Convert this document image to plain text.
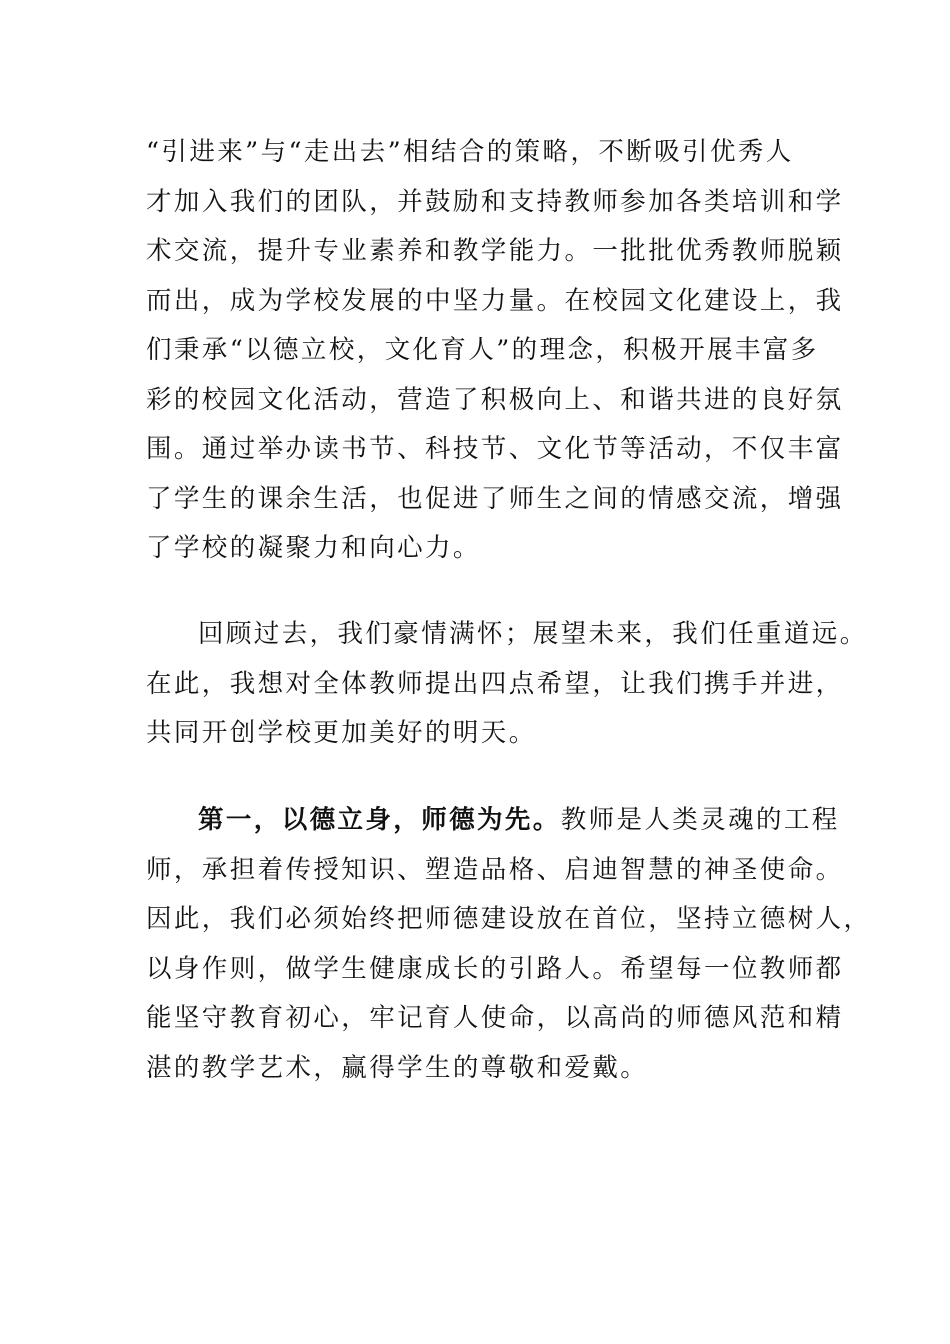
“引进来”与“走出去”相结合的策略，不断吸引优秀人
才加入我们的团队，并鼓励和支持教师参加各类培训和学
术交流，提升专业素养和教学能力。一批批优秀教师脱颖
而出，成为学校发展的中坚力量。在校园文化建设上，我
们秉承“以德立校，文化育人”的理念，积极开展丰富多
彩的校园文化活动，营造了积极向上、和谐共进的良好氛
围。通过举办读书节、科技节、文化节等活动，不仅丰富
了学生的课余生活，也促进了师生之间的情感交流，增强
了学校的凝聚力和向心力。

回顾过去，我们豪情满怀；展望未来，我们任重道远。
在此，我想对全体教师提出四点希望，让我们携手并进，
共同开创学校更加美好的明天。

第一，以德立身，师德为先。教师是人类灵魂的工程
师，承担着传授知识、塑造品格、启迪智慧的神圣使命。
因此，我们必须始终把师德建设放在首位，坚持立德树人，
以身作则，做学生健康成长的引路人。希望每一位教师都
能坚守教育初心，牢记育人使命，以高尚的师德风范和精
湛的教学艺术，赢得学生的尊敬和爱戴。
